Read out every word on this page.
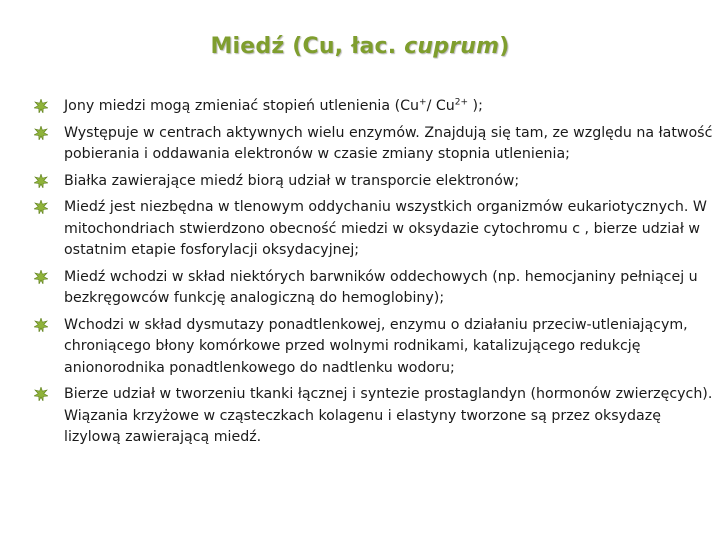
Miedź (Cu, łac. cuprum)
Jony miedzi mogą zmieniać stopień utlenienia (Cu+/ $Cu^{2+}$ );
Występuje w centrach aktywnych wielu enzymów. Znajdują się tam, ze względu na łatwość pobierania i oddawania elektronów w czasie zmiany stopnia utlenienia;
Białka zawierające miedź biorą udział w transporcie elektronów;
Miedź jest niezbędna w tlenowym oddychaniu wszystkich organizmów eukariotycznych. W mitochondriach stwierdzono obecność miedzi w oksydazie cytochromu c , bierze udział w ostatnim etapie fosforylacji oksydacyjnej;
Miedź wchodzi w skład niektórych barwników oddechowych (np. hemocjaniny pełniącej u bezkręgowców funkcję analogiczną do hemoglobiny);
Wchodzi w skład dysmutazy ponadtlenkowej, enzymu o działaniu przeciw-utleniającym, chroniącego błony komórkowe przed wolnymi rodnikami, katalizującego redukcję anionorodnika ponadtlenkowego do nadtlenku wodoru;
Bierze udział w tworzeniu tkanki łącznej i syntezie prostaglandyn (hormonów zwierzęcych). Wiązania krzyżowe w cząsteczkach kolagenu i elastyny tworzone są przez oksydazę lizylową zawierającą miedź.
